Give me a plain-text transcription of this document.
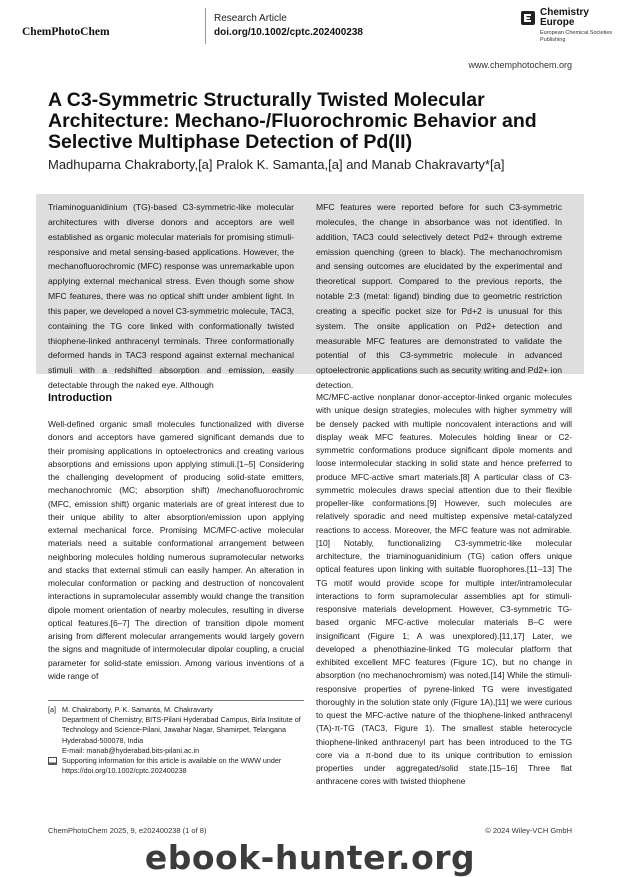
ChemPhotoChem
Research Article
doi.org/10.1002/cptc.202400238
Chemistry
Europe
European Chemical Societies Publishing
www.chemphotochem.org
A C3-Symmetric Structurally Twisted Molecular Architecture: Mechano-/Fluorochromic Behavior and Selective Multiphase Detection of Pd(II)
Madhuparna Chakraborty,[a] Pralok K. Samanta,[a] and Manab Chakravarty*[a]

Triaminoguanidinium (TG)-based C3-symmetric-like molecular architectures with diverse donors and acceptors are well established as organic molecular materials for promising stimuli-responsive and metal sensing-based applications. However, the mechanofluorochromic (MFC) response was unremarkable upon applying external mechanical stress. Even though some show MFC features, there was no optical shift under ambient light. In this paper, we developed a novel C3-symmetric molecule, TAC3, containing the TG core linked with conformationally twisted thiophene-linked anthracenyl terminals. Three conformationally deformed hands in TAC3 respond against external mechanical stimuli with a redshifted absorption and emission, easily detectable through the naked eye. Although

MFC features were reported before for such C3-symmetric molecules, the change in absorbance was not identified. In addition, TAC3 could selectively detect Pd2+ through extreme emission quenching (green to black). The mechanochromism and sensing outcomes are elucidated by the experimental and theoretical support. Compared to the previous reports, the notable 2:3 (metal: ligand) binding due to geometric restriction creating a specific pocket size for Pd+2 is unusual for this system. The onsite application on Pd2+ detection and measurable MFC features are demonstrated to validate the potential of this C3-symmetric molecule in advanced optoelectronic applications such as security writing and Pd2+ ion detection.

Introduction

Well-defined organic small molecules functionalized with diverse donors and acceptors have garnered significant demands due to their promising applications in optoelectronics and creating various absorptions and emissions upon applying stimuli.[1–5] Considering the challenging development of producing solid-state emitters, mechanochromic (MC; absorption shift) /mechanofluorochromic (MFC, emission shift) organic materials are of great interest due to their unique ability to alter absorption/emission upon applying external mechanical force. Promising MC/MFC-active molecular materials need a suitable conformational arrangement between neighboring molecules holding numerous supramolecular networks and stacks that external stimuli can easily hamper. An alteration in molecular conformation or packing and destruction of noncovalent interactions in supramolecular assembly would change the transition dipole moment orientation of nearby molecules, resulting in diverse optical features.[6–7] The direction of transition dipole moment arising from different molecular arrangements would largely govern the signs and magnitude of intermolecular dipolar coupling, a crucial parameter for solid-state emission. Among various inventions of a wide range of

MC/MFC-active nonplanar donor-acceptor-linked organic molecules with unique design strategies, molecules with higher symmetry will be densely packed with multiple noncovalent interactions and will display weak MFC features. Molecules holding linear or C2-symmetric conformations produce significant dipole moments and loose intermolecular stacking in solid state and hence preferred to produce MFC-active smart materials.[8] A particular class of C3-symmetric molecules draws special attention due to their flexible propeller-like conformations.[9] However, such molecules are relatively sporadic and need multistep expensive metal-catalyzed reactions to access. Moreover, the MFC feature was not admirable.[10] Notably, functionalizing C3-symmetric-like molecular architecture, the triaminoguanidinium (TG) cation offers unique optical features upon linking with suitable fluorophores.[11–13] The TG motif would provide scope for multiple inter/intramolecular interactions to form supramolecular assemblies apt for stimuli-responsive materials development. However, C3-symmetric TG-based organic MFC-active molecular materials B–C were insignificant (Figure 1; A was unexplored).[11,17] Later, we developed a phenothiazine-linked TG molecular platform that exhibited excellent MFC features (Figure 1C), but no change in absorption (no mechanochromism) was noted.[14] While the stimuli-responsive properties of pyrene-linked TG were investigated thoroughly in the solution state only (Figure 1A),[11] we were curious to quest the MFC-active nature of the thiophene-linked anthracenyl (TA)-π-TG (TAC3, Figure 1). The smallest stable heterocycle thiophene-linked anthracenyl part has been introduced to the TG core via a π-bond due to its unique contribution to emission properties under aggregated/solid state.[15–16] Three flat anthracene cores with twisted thiophene

[a] M. Chakraborty, P. K. Samanta, M. Chakravarty
Department of Chemistry, BITS-Pilani Hyderabad Campus, Birla Institute of Technology and Science-Pilani, Jawahar Nagar, Shamirpet, Telangana Hyderabad-500078, India
E-mail: manab@hyderabad.bits-pilani.ac.in

Supporting information for this article is available on the WWW under https://doi.org/10.1002/cptc.202400238

ChemPhotoChem 2025, 9, e202400238 (1 of 8)	© 2024 Wiley-VCH GmbH
ebook-hunter.org
